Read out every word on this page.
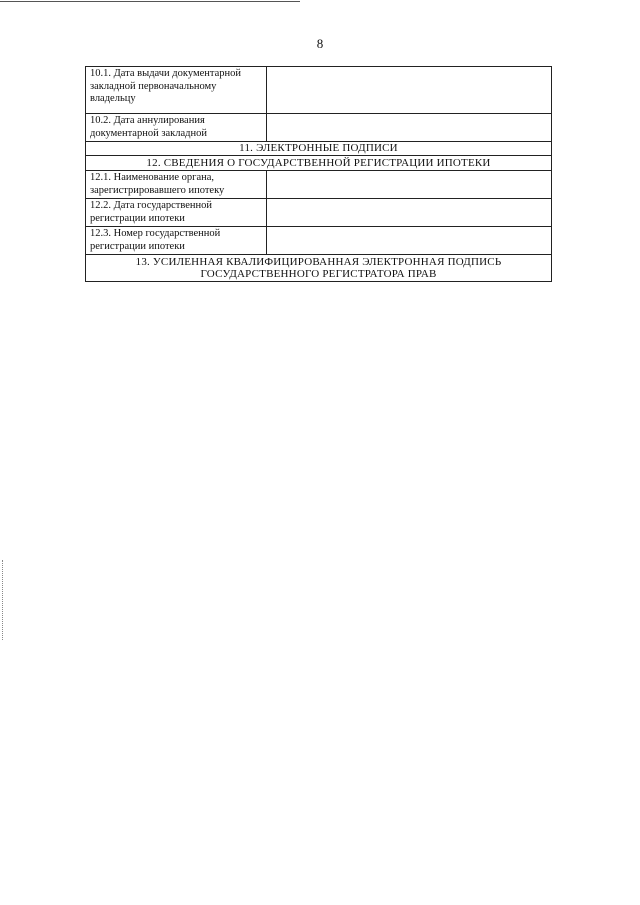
8
10.1. Дата выдачи документарной
закладной первоначальному
владельцу	

10.2. Дата аннулирования
документарной закладной	

11. ЭЛЕКТРОННЫЕ ПОДПИСИ	
12. СВЕДЕНИЯ О ГОСУДАРСТВЕННОЙ РЕГИСТРАЦИИ ИПОТЕКИ	

12.1. Наименование органа,
зарегистрировавшего ипотеку	

12.2. Дата государственной
регистрации ипотеки	

12.3. Номер государственной
регистрации ипотеки	

13. УСИЛЕННАЯ КВАЛИФИЦИРОВАННАЯ ЭЛЕКТРОННАЯ ПОДПИСЬ
ГОСУДАРСТВЕННОГО РЕГИСТРАТОРА ПРАВ	
